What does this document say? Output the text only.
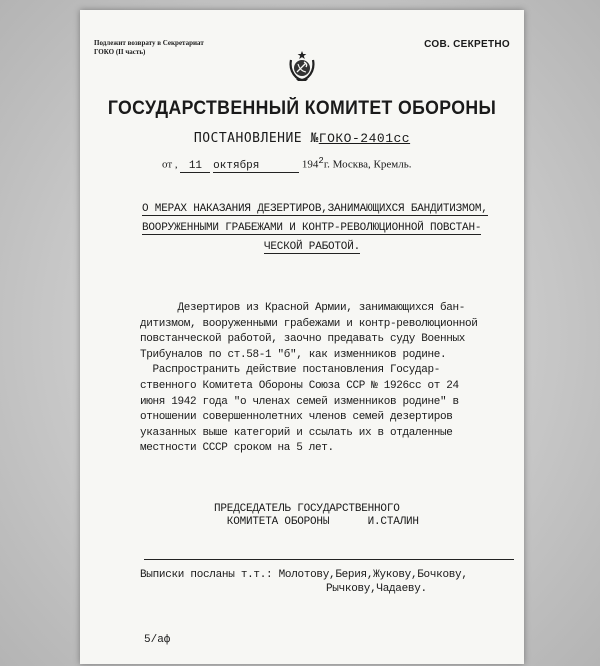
Подлежит возврату в Секретариат
ГОКО (II часть)
СОВ. СЕКРЕТНО
ГОСУДАРСТВЕННЫЙ КОМИТЕТ ОБОРОНЫ
ПОСТАНОВЛЕНИЕ №ГОКО-2401сс
от , 11 октября	$194^2г$. Москва, Кремль.
О МЕРАХ НАКАЗАНИЯ ДЕЗЕРТИРОВ,ЗАНИМАЮЩИХСЯ БАНДИТИЗМОМ,
ВООРУЖЕННЫМИ ГРАБЕЖАМИ И КОНТР-РЕВОЛЮЦИОННОЙ ПОВСТАН-
ЧЕСКОЙ РАБОТОЙ.
Дезертиров из Красной Армии, занимающихся бан-
дитизмом, вооруженными грабежами и контр-революционной
повстанческой работой, заочно предавать суду Военных
Трибуналов по ст.58-1 "б", как изменников родине.
Распространить действие постановления Государ-
ственного Комитета Обороны Союза ССР № 1926сс от 24
июня 1942 года "о членах семей изменников родине" в
отношении совершеннолетних членов семей дезертиров
указанных выше категорий и ссылать их в отдаленные
местности СССР сроком на 5 лет.
ПРЕДСЕДАТЕЛЬ ГОСУДАРСТВЕННОГО
КОМИТЕТА ОБОРОНЫ      И.СТАЛИН
Выписки посланы т.т.: Молотову,Берия,Жукову,Бочкову,
Рычкову,Чадаеву.
5/аф
